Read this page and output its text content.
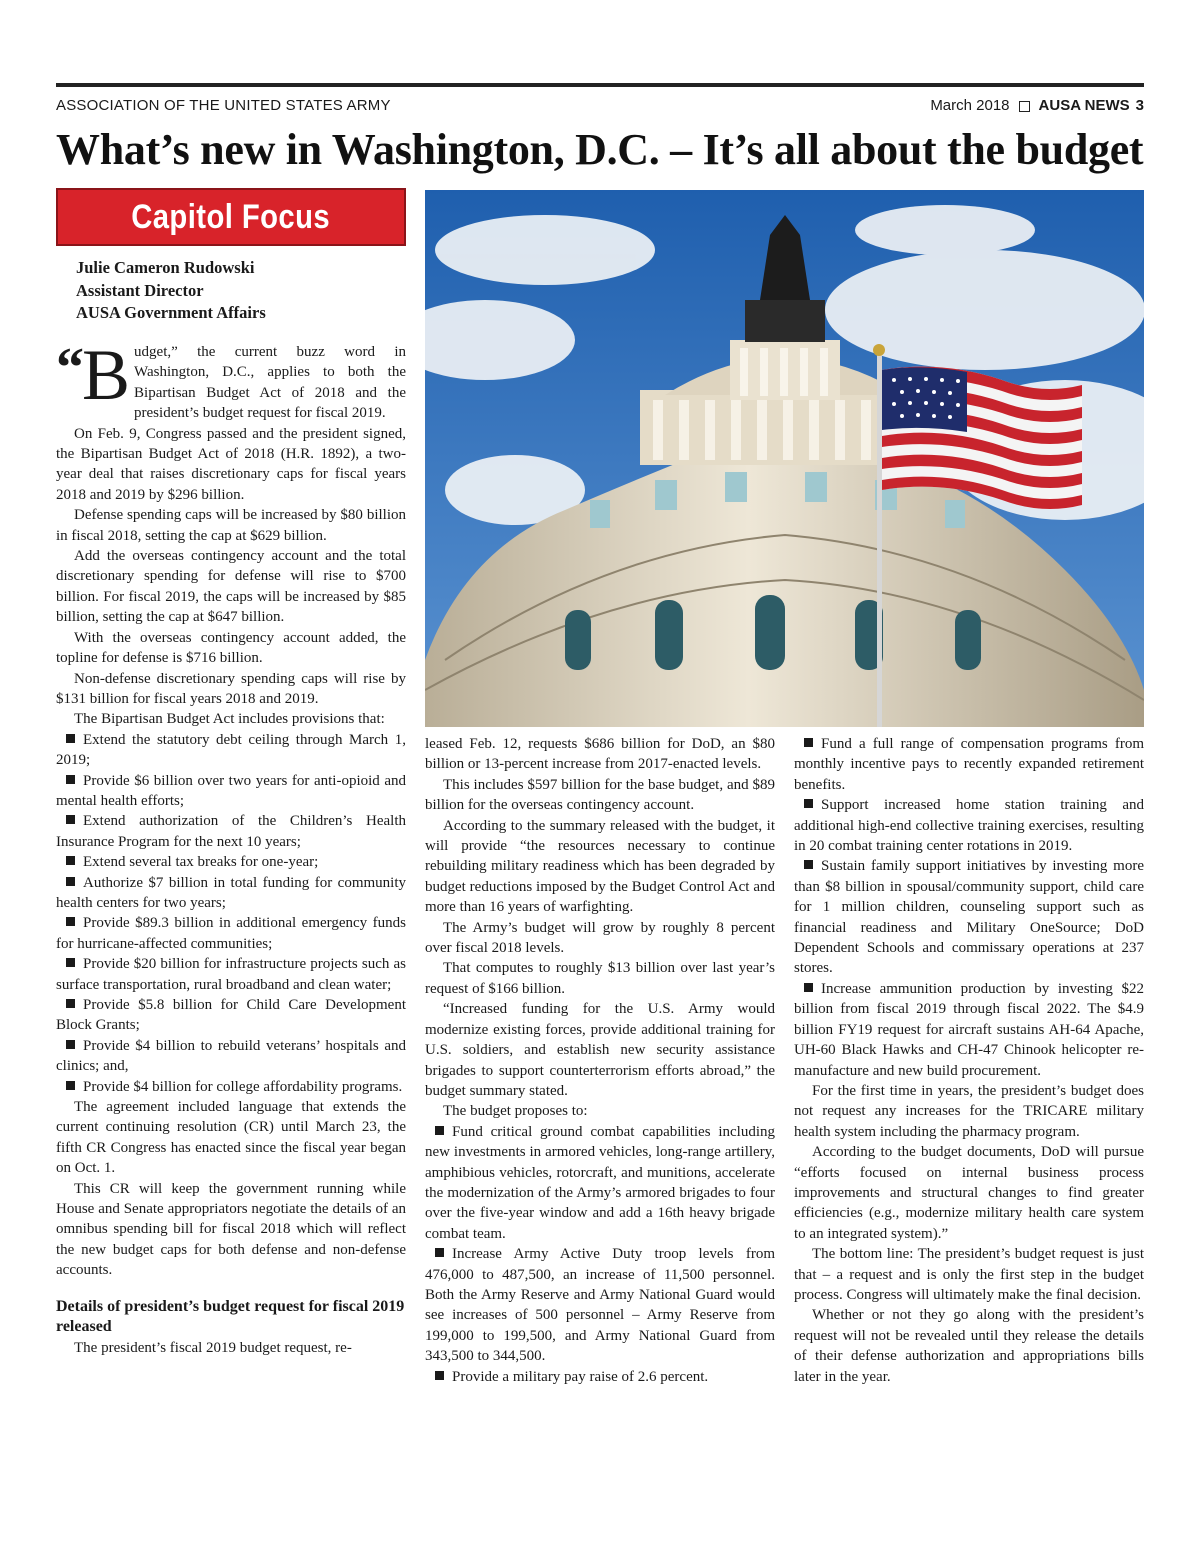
ASSOCIATION OF THE UNITED STATES ARMY	March 2018 AUSA NEWS 3
What’s new in Washington, D.C. – It’s all about the budget
Capitol Focus
Julie Cameron Rudowski
Assistant Director
AUSA Government Affairs

“ B udget,” the current buzz word in Washington, D.C., applies to both the Bipartisan Budget Act of 2018 and the president’s budget request for fiscal 2019.

On Feb. 9, Congress passed and the president signed, the Bipartisan Budget Act of 2018 (H.R. 1892), a two-year deal that raises discretionary caps for fiscal years 2018 and 2019 by $296 billion.

Defense spending caps will be increased by $80 billion in fiscal 2018, setting the cap at $629 billion.

Add the overseas contingency account and the total discretionary spending for defense will rise to $700 billion. For fiscal 2019, the caps will be increased by $85 billion, setting the cap at $647 billion.

With the overseas contingency account added, the topline for defense is $716 billion.

Non-defense discretionary spending caps will rise by $131 billion for fiscal years 2018 and 2019.

The Bipartisan Budget Act includes provisions that:

Extend the statutory debt ceiling through March 1, 2019;

Provide $6 billion over two years for anti-opioid and mental health efforts;

Extend authorization of the Children’s Health Insurance Program for the next 10 years;

Extend several tax breaks for one-year;

Authorize $7 billion in total funding for community health centers for two years;

Provide $89.3 billion in additional emergency funds for hurricane-affected communities;

Provide $20 billion for infrastructure projects such as surface transportation, rural broadband and clean water;

Provide $5.8 billion for Child Care Development Block Grants;

Provide $4 billion to rebuild veterans’ hospitals and clinics; and,

Provide $4 billion for college affordability programs.

The agreement included language that extends the current continuing resolution (CR) until March 23, the fifth CR Congress has enacted since the fiscal year began on Oct. 1.

This CR will keep the government running while House and Senate appropriators negotiate the details of an omnibus spending bill for fiscal 2018 which will reflect the new budget caps for both defense and non-defense accounts.

Details of president’s budget request for fiscal 2019 released

The president’s fiscal 2019 budget request, re-

leased Feb. 12, requests $686 billion for DoD, an $80 billion or 13-percent increase from 2017-enacted levels.

This includes $597 billion for the base budget, and $89 billion for the overseas contingency account.

According to the summary released with the budget, it will provide “the resources necessary to continue rebuilding military readiness which has been degraded by budget reductions imposed by the Budget Control Act and more than 16 years of warfighting.

The Army’s budget will grow by roughly 8 percent over fiscal 2018 levels.

That computes to roughly $13 billion over last year’s request of $166 billion.

“Increased funding for the U.S. Army would modernize existing forces, provide additional training for U.S. soldiers, and establish new security assistance brigades to support counterterrorism efforts abroad,” the budget summary stated.

The budget proposes to:

Fund critical ground combat capabilities including new investments in armored vehicles, long-range artillery, amphibious vehicles, rotorcraft, and munitions, accelerate the modernization of the Army’s armored brigades to four over the five-year window and add a 16th heavy brigade combat team.

Increase Army Active Duty troop levels from 476,000 to 487,500, an increase of 11,500 personnel. Both the Army Reserve and Army National Guard would see increases of 500 personnel – Army Reserve from 199,000 to 199,500, and Army National Guard from 343,500 to 344,500.

Provide a military pay raise of 2.6 percent.

Fund a full range of compensation programs from monthly incentive pays to recently expanded retirement benefits.

Support increased home station training and additional high-end collective training exercises, resulting in 20 combat training center rotations in 2019.

Sustain family support initiatives by investing more than $8 billion in spousal/community support, child care for 1 million children, counseling support such as financial readiness and Military OneSource; DoD Dependent Schools and commissary operations at 237 stores.

Increase ammunition production by investing $22 billion from fiscal 2019 through fiscal 2022. The $4.9 billion FY19 request for aircraft sustains AH-64 Apache, UH-60 Black Hawks and CH-47 Chinook helicopter re-manufacture and new build procurement.

For the first time in years, the president’s budget does not request any increases for the TRICARE military health system including the pharmacy program.

According to the budget documents, DoD will pursue “efforts focused on internal business process improvements and structural changes to find greater efficiencies (e.g., modernize military health care system to an integrated system).”

The bottom line: The president’s budget request is just that – a request and is only the first step in the budget process. Congress will ultimately make the final decision.

Whether or not they go along with the president’s request will not be revealed until they release the details of their defense authorization and appropriations bills later in the year.
